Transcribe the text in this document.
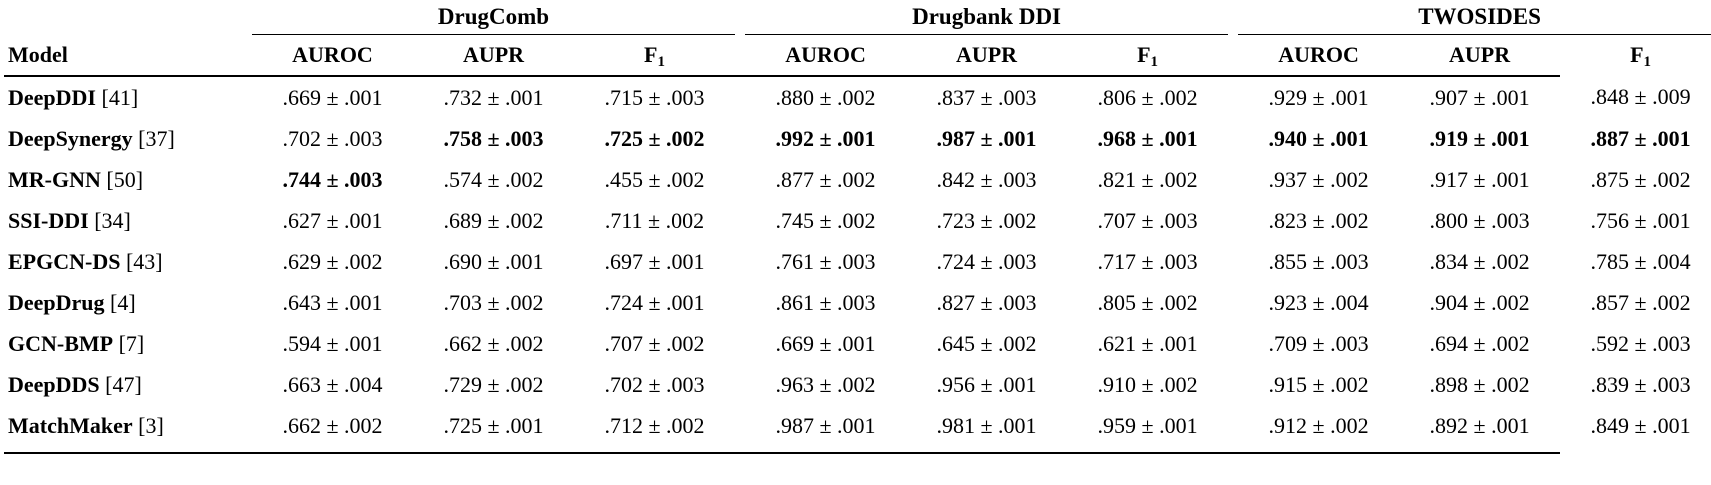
	DrugComb				Drugbank DDI				TWOSIDES		
Model	AUROC	AUPR	$F_1$		AUROC	AUPR	$F_1$		AUROC	AUPR	$F_1$

DeepDDI [41]	.669 ± .001	.732 ± .001	.715 ± .003		.880 ± .002	.837 ± .003	.806 ± .002		.929 ± .001	.907 ± .001	.848 ± .009
DeepSynergy [37]	.702 ± .003	.758 ± .003	.725 ± .002		.992 ± .001	.987 ± .001	.968 ± .001		.940 ± .001	.919 ± .001	.887 ± .001
MR-GNN [50]	.744 ± .003	.574 ± .002	.455 ± .002		.877 ± .002	.842 ± .003	.821 ± .002		.937 ± .002	.917 ± .001	.875 ± .002
SSI-DDI [34]	.627 ± .001	.689 ± .002	.711 ± .002		.745 ± .002	.723 ± .002	.707 ± .003		.823 ± .002	.800 ± .003	.756 ± .001
EPGCN-DS [43]	.629 ± .002	.690 ± .001	.697 ± .001		.761 ± .003	.724 ± .003	.717 ± .003		.855 ± .003	.834 ± .002	.785 ± .004
DeepDrug [4]	.643 ± .001	.703 ± .002	.724 ± .001		.861 ± .003	.827 ± .003	.805 ± .002		.923 ± .004	.904 ± .002	.857 ± .002
GCN-BMP [7]	.594 ± .001	.662 ± .002	.707 ± .002		.669 ± .001	.645 ± .002	.621 ± .001		.709 ± .003	.694 ± .002	.592 ± .003
DeepDDS [47]	.663 ± .004	.729 ± .002	.702 ± .003		.963 ± .002	.956 ± .001	.910 ± .002		.915 ± .002	.898 ± .002	.839 ± .003
MatchMaker [3]	.662 ± .002	.725 ± .001	.712 ± .002		.987 ± .001	.981 ± .001	.959 ± .001		.912 ± .002	.892 ± .001	.849 ± .001
